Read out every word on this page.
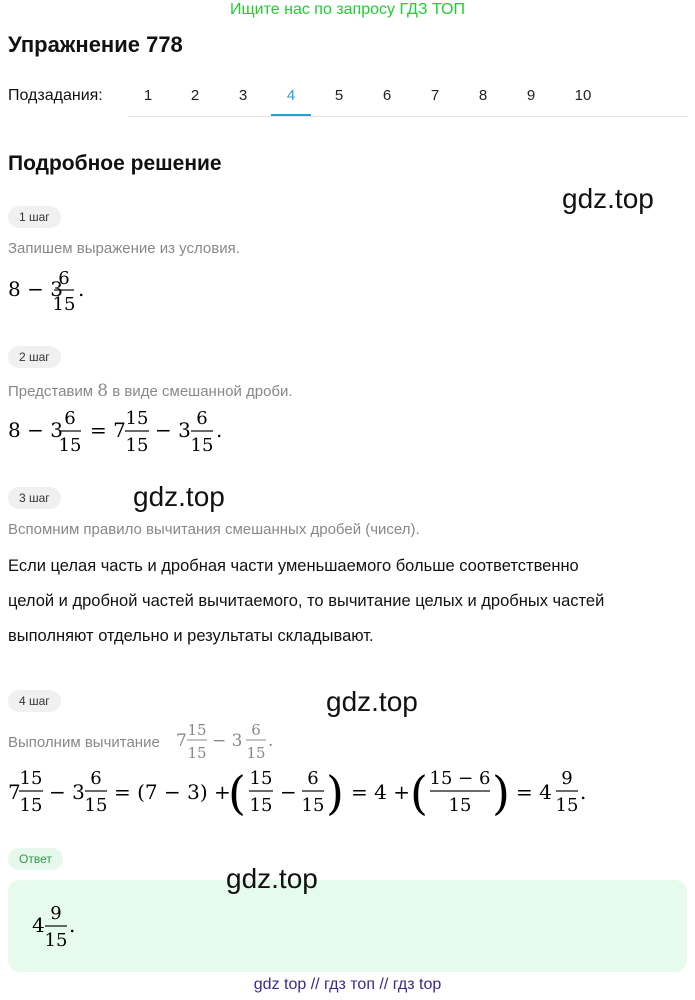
Ищите нас по запросу ГДЗ ТОП
Упражнение 778
Подзадания:	1	2	3	4	5	6	7	8	9	10
Подробное решение
gdz.top
gdz.top
gdz.top
1 шаг
Запишем выражение из условия.
8 − 3
6
15
.
2 шаг
Представим 8 в виде смешанной дроби.
8 − 3 6
15
= 7 15
15
− 3 6
15
.
3 шаг
Вспомним правило вычитания смешанных дробей (чисел).
Если целая часть и дробная части уменьшаемого больше соответственно
целой и дробной частей вычитаемого, то вычитание целых и дробных частей
выполняют отдельно и результаты складывают.
4 шаг
Выполним вычитание 7
15
15
− 3
6
15
.
7
15
15
− 3
6
15
= (7 − 3) +
( 15
15
−
6
15 ) = 4 + ( 15 − 6
15 ) = 4
9
15
.
Ответ
4 9
15
.
gdz.top
gdz top // гдз топ // гдз top
